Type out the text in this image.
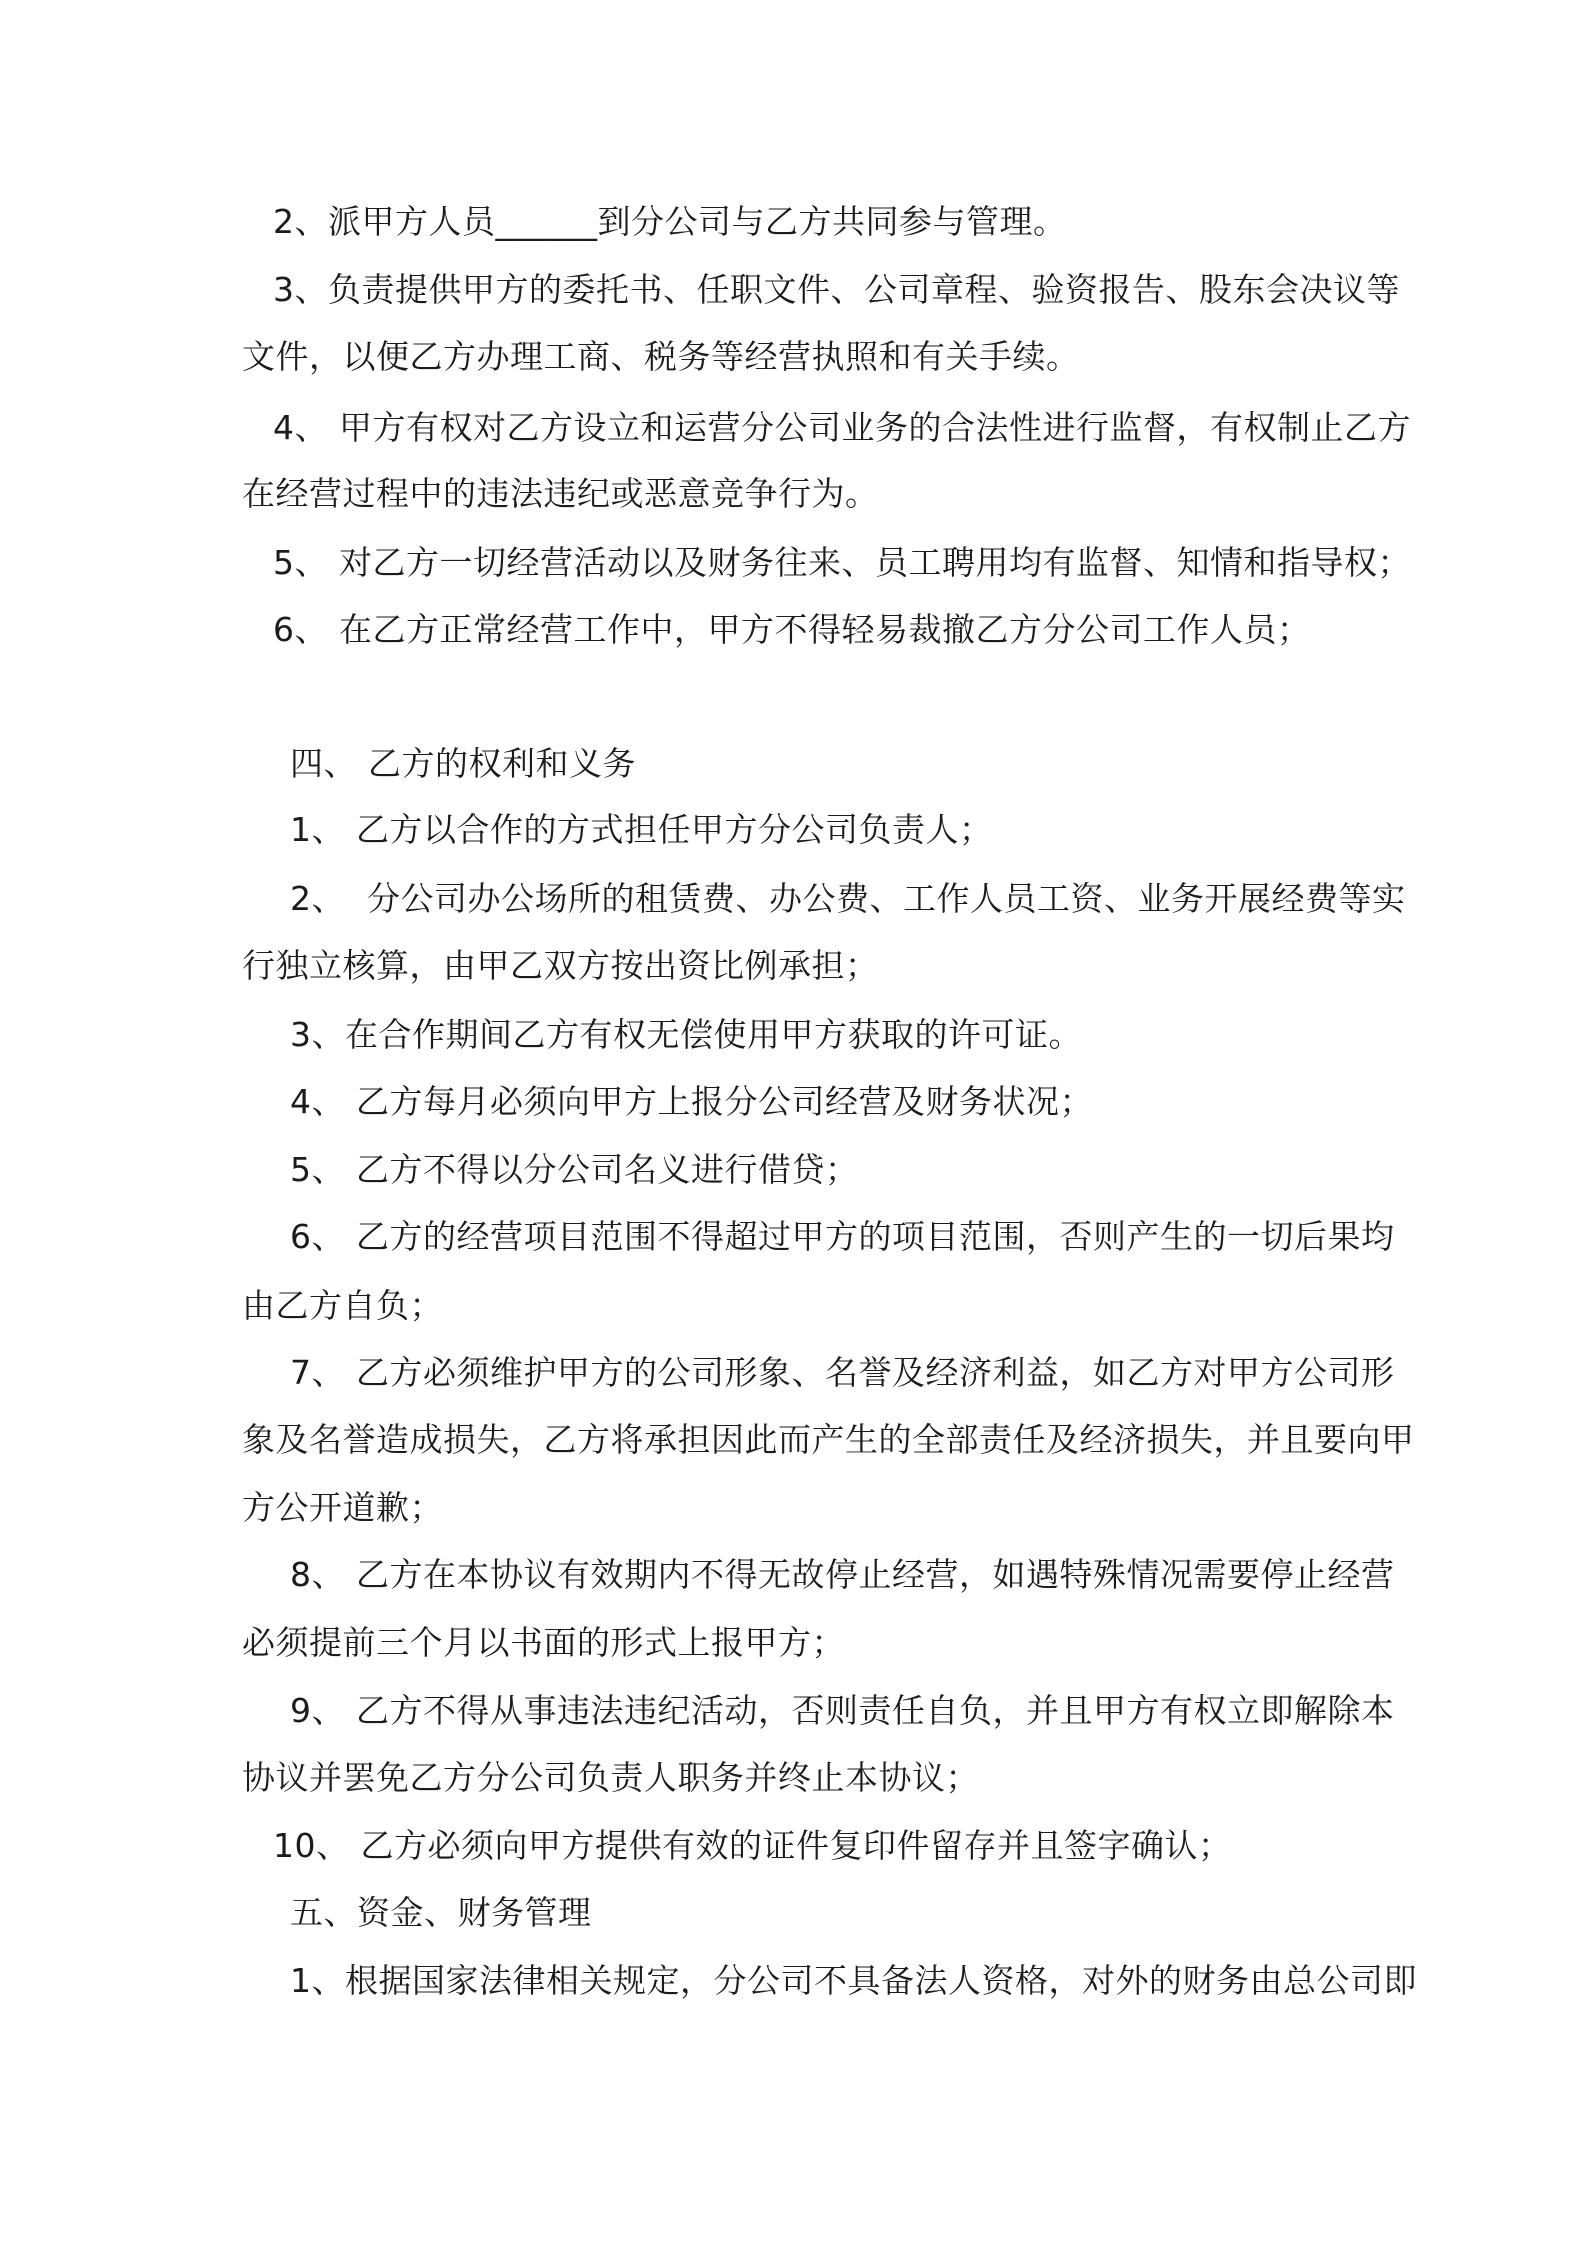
2、派甲方人员______到分公司与乙方共同参与管理。
3、负责提供甲方的委托书、任职文件、公司章程、验资报告、股东会决议等
文件，以便乙方办理工商、税务等经营执照和有关手续。
4、 甲方有权对乙方设立和运营分公司业务的合法性进行监督，有权制止乙方
在经营过程中的违法违纪或恶意竞争行为。
5、 对乙方一切经营活动以及财务往来、员工聘用均有监督、知情和指导权；
6、 在乙方正常经营工作中，甲方不得轻易裁撤乙方分公司工作人员；
四、 乙方的权利和义务
1、 乙方以合作的方式担任甲方分公司负责人；
2、  分公司办公场所的租赁费、办公费、工作人员工资、业务开展经费等实
行独立核算，由甲乙双方按出资比例承担；
3、在合作期间乙方有权无偿使用甲方获取的许可证。
4、 乙方每月必须向甲方上报分公司经营及财务状况；
5、 乙方不得以分公司名义进行借贷；
6、 乙方的经营项目范围不得超过甲方的项目范围，否则产生的一切后果均
由乙方自负；
7、 乙方必须维护甲方的公司形象、名誉及经济利益，如乙方对甲方公司形
象及名誉造成损失，乙方将承担因此而产生的全部责任及经济损失，并且要向甲
方公开道歉；
8、 乙方在本协议有效期内不得无故停止经营，如遇特殊情况需要停止经营
必须提前三个月以书面的形式上报甲方；
9、 乙方不得从事违法违纪活动，否则责任自负，并且甲方有权立即解除本
协议并罢免乙方分公司负责人职务并终止本协议；
10、 乙方必须向甲方提供有效的证件复印件留存并且签字确认；
五、资金、财务管理
1、根据国家法律相关规定，分公司不具备法人资格，对外的财务由总公司即
